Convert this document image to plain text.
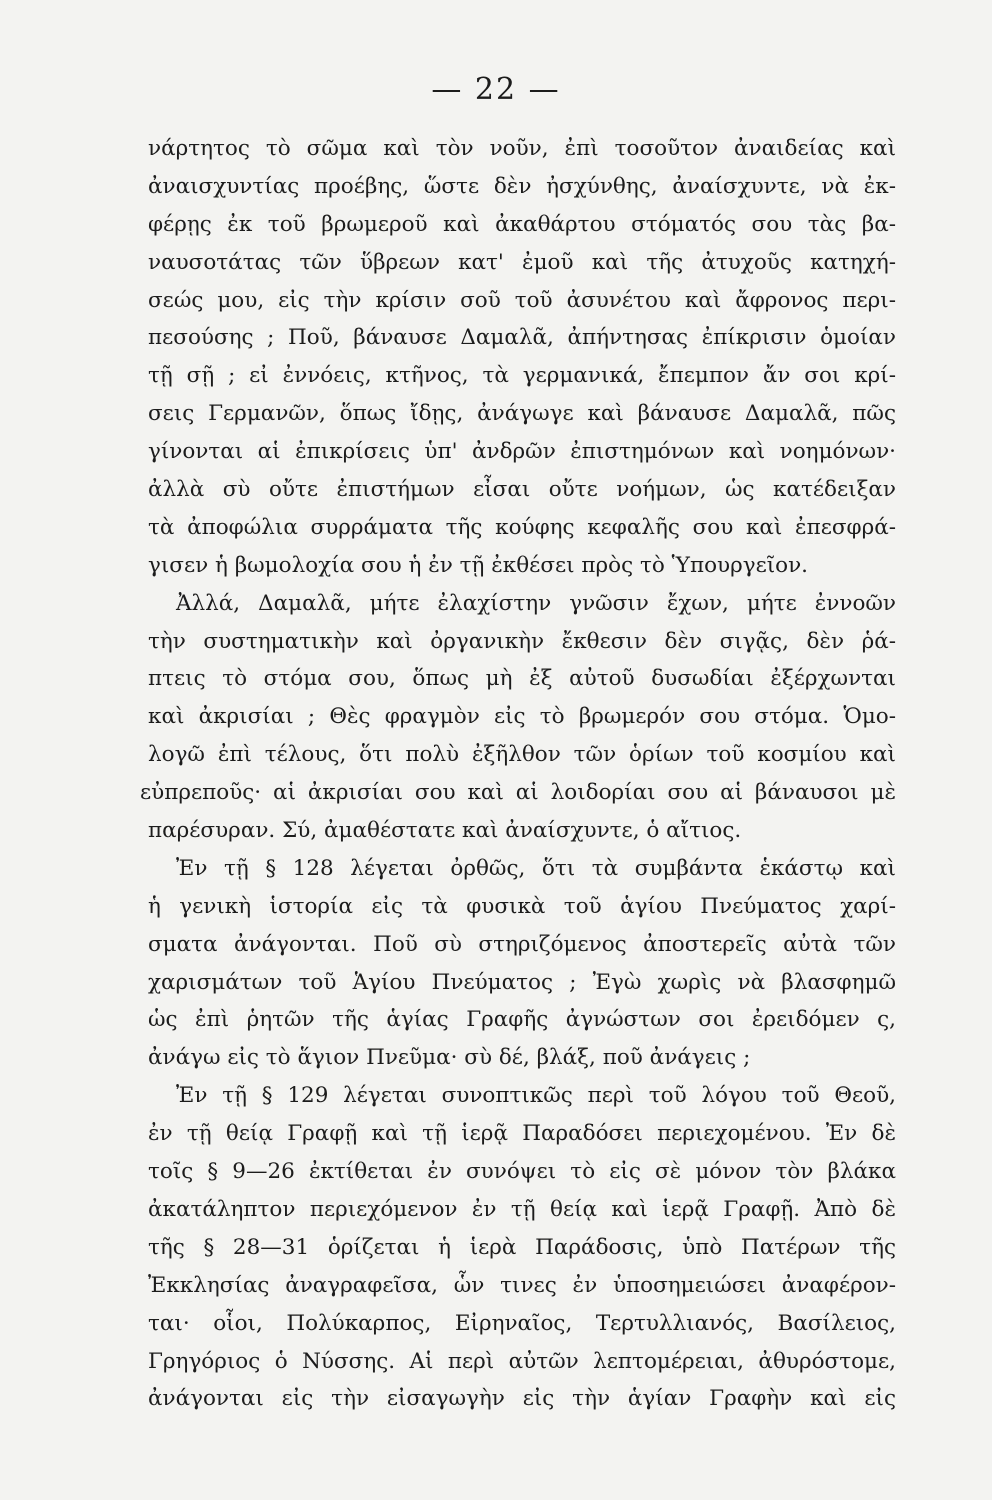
— 22 —
νάρτητος τὸ σῶμα καὶ τὸν νοῦν, ἐπὶ τοσοῦτον ἀναιδείας καὶ
ἀναισχυντίας προέβης, ὥστε δὲν ἠσχύνθης, ἀναίσχυντε, νὰ ἐκ-
φέρῃς ἐκ τοῦ βρωμεροῦ καὶ ἀκαθάρτου στόματός σου τὰς βα-
ναυσοτάτας τῶν ὕβρεων κατ' ἐμοῦ καὶ τῆς ἀτυχοῦς κατηχή-
σεώς μου, εἰς τὴν κρίσιν σοῦ τοῦ ἀσυνέτου καὶ ἄφρονος περι-
πεσούσης ; Ποῦ, βάναυσε Δαμαλᾶ, ἀπήντησας ἐπίκρισιν ὁμοίαν
τῇ σῇ ; εἰ ἐννόεις, κτῆνος, τὰ γερμανικά, ἔπεμπον ἄν σοι κρί-
σεις Γερμανῶν, ὅπως ἴδῃς, ἀνάγωγε καὶ βάναυσε Δαμαλᾶ, πῶς
γίνονται αἱ ἐπικρίσεις ὑπ' ἀνδρῶν ἐπιστημόνων καὶ νοημόνων·
ἀλλὰ σὺ οὔτε ἐπιστήμων εἶσαι οὔτε νοήμων, ὡς κατέδειξαν
τὰ ἀποφώλια συρράματα τῆς κούφης κεφαλῆς σου καὶ ἐπεσφρά-
γισεν ἡ βωμολοχία σου ἡ ἐν τῇ ἐκθέσει πρὸς τὸ Ὑπουργεῖον.
Ἀλλά, Δαμαλᾶ, μήτε ἐλαχίστην γνῶσιν ἔχων, μήτε ἐννοῶν
τὴν συστηματικὴν καὶ ὀργανικὴν ἔκθεσιν δὲν σιγᾷς, δὲν ῥά-
πτεις τὸ στόμα σου, ὅπως μὴ ἐξ αὐτοῦ δυσωδίαι ἐξέρχωνται
καὶ ἀκρισίαι ; Θὲς φραγμὸν εἰς τὸ βρωμερόν σου στόμα. Ὁμο-
λογῶ ἐπὶ τέλους, ὅτι πολὺ ἐξῆλθον τῶν ὁρίων τοῦ κοσμίου καὶ
εὐπρεποῦς· αἱ ἀκρισίαι σου καὶ αἱ λοιδορίαι σου αἱ βάναυσοι μὲ
παρέσυραν. Σύ, ἀμαθέστατε καὶ ἀναίσχυντε, ὁ αἴτιος.
Ἐν τῇ § 128 λέγεται ὀρθῶς, ὅτι τὰ συμβάντα ἑκάστῳ καὶ
ἡ γενικὴ ἱστορία εἰς τὰ φυσικὰ τοῦ ἁγίου Πνεύματος χαρί-
σματα ἀνάγονται. Ποῦ σὺ στηριζόμενος ἀποστερεῖς αὐτὰ τῶν
χαρισμάτων τοῦ Ἁγίου Πνεύματος ; Ἐγὼ χωρὶς νὰ βλασφημῶ
ὡς ἐπὶ ῥητῶν τῆς ἁγίας Γραφῆς ἀγνώστων σοι ἐρειδόμεν ς,
ἀνάγω εἰς τὸ ἅγιον Πνεῦμα· σὺ δέ, βλάξ, ποῦ ἀνάγεις ;
Ἐν τῇ § 129 λέγεται συνοπτικῶς περὶ τοῦ λόγου τοῦ Θεοῦ,
ἐν τῇ θείᾳ Γραφῇ καὶ τῇ ἱερᾷ Παραδόσει περιεχομένου. Ἐν δὲ
τοῖς § 9—26 ἐκτίθεται ἐν συνόψει τὸ εἰς σὲ μόνον τὸν βλάκα
ἀκατάληπτον περιεχόμενον ἐν τῇ θείᾳ καὶ ἱερᾷ Γραφῇ. Ἀπὸ δὲ
τῆς § 28—31 ὁρίζεται ἡ ἱερὰ Παράδοσις, ὑπὸ Πατέρων τῆς
Ἐκκλησίας ἀναγραφεῖσα, ὧν τινες ἐν ὑποσημειώσει ἀναφέρον-
ται· οἷοι, Πολύκαρπος, Εἰρηναῖος, Τερτυλλιανός, Βασίλειος,
Γρηγόριος ὁ Νύσσης. Αἱ περὶ αὐτῶν λεπτομέρειαι, ἀθυρόστομε,
ἀνάγονται εἰς τὴν εἰσαγωγὴν εἰς τὴν ἁγίαν Γραφὴν καὶ εἰς
